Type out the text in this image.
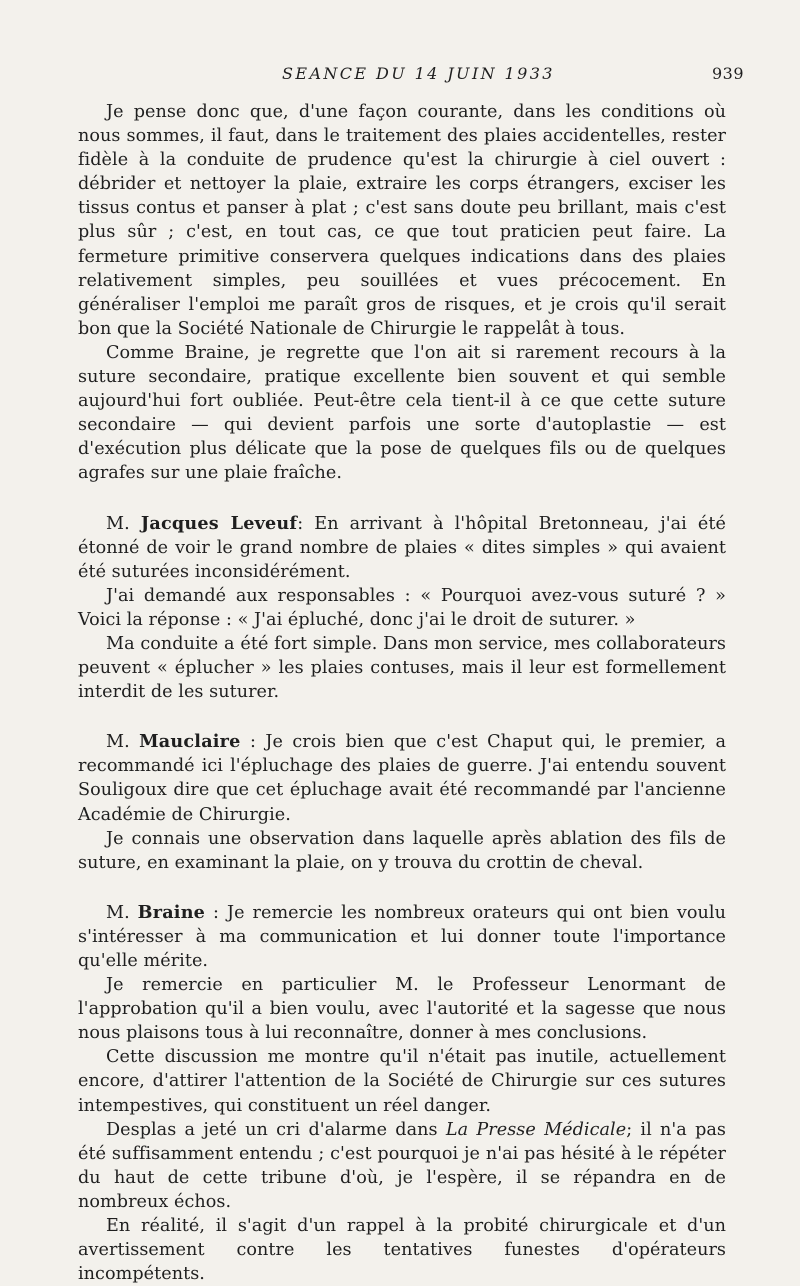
SEANCE DU 14 JUIN 1933	939

Je pense donc que, d'une façon courante, dans les conditions où nous sommes, il faut, dans le traitement des plaies accidentelles, rester fidèle à la conduite de prudence qu'est la chirurgie à ciel ouvert : débrider et nettoyer la plaie, extraire les corps étrangers, exciser les tissus contus et panser à plat ; c'est sans doute peu brillant, mais c'est plus sûr ; c'est, en tout cas, ce que tout praticien peut faire. La fermeture primitive conservera quelques indications dans des plaies relativement simples, peu souillées et vues précocement. En généraliser l'emploi me paraît gros de risques, et je crois qu'il serait bon que la Société Nationale de Chirurgie le rappelât à tous.

Comme Braine, je regrette que l'on ait si rarement recours à la suture secondaire, pratique excellente bien souvent et qui semble aujourd'hui fort oubliée. Peut-être cela tient-il à ce que cette suture secondaire — qui devient parfois une sorte d'autoplastie — est d'exécution plus délicate que la pose de quelques fils ou de quelques agrafes sur une plaie fraîche.

M. Jacques Leveuf: En arrivant à l'hôpital Bretonneau, j'ai été étonné de voir le grand nombre de plaies « dites simples » qui avaient été suturées inconsidérément.

J'ai demandé aux responsables : « Pourquoi avez-vous suturé ? » Voici la réponse : « J'ai épluché, donc j'ai le droit de suturer. »

Ma conduite a été fort simple. Dans mon service, mes collaborateurs peuvent « éplucher » les plaies contuses, mais il leur est formellement interdit de les suturer.

M. Mauclaire : Je crois bien que c'est Chaput qui, le premier, a recommandé ici l'épluchage des plaies de guerre. J'ai entendu souvent Souligoux dire que cet épluchage avait été recommandé par l'ancienne Académie de Chirurgie.

Je connais une observation dans laquelle après ablation des fils de suture, en examinant la plaie, on y trouva du crottin de cheval.

M. Braine : Je remercie les nombreux orateurs qui ont bien voulu s'intéresser à ma communication et lui donner toute l'importance qu'elle mérite.

Je remercie en particulier M. le Professeur Lenormant de l'approbation qu'il a bien voulu, avec l'autorité et la sagesse que nous nous plaisons tous à lui reconnaître, donner à mes conclusions.

Cette discussion me montre qu'il n'était pas inutile, actuellement encore, d'attirer l'attention de la Société de Chirurgie sur ces sutures intempestives, qui constituent un réel danger.

Desplas a jeté un cri d'alarme dans La Presse Médicale; il n'a pas été suffisamment entendu ; c'est pourquoi je n'ai pas hésité à le répéter du haut de cette tribune d'où, je l'espère, il se répandra en de nombreux échos.

En réalité, il s'agit d'un rappel à la probité chirurgicale et d'un avertissement contre les tentatives funestes d'opérateurs incompétents.
